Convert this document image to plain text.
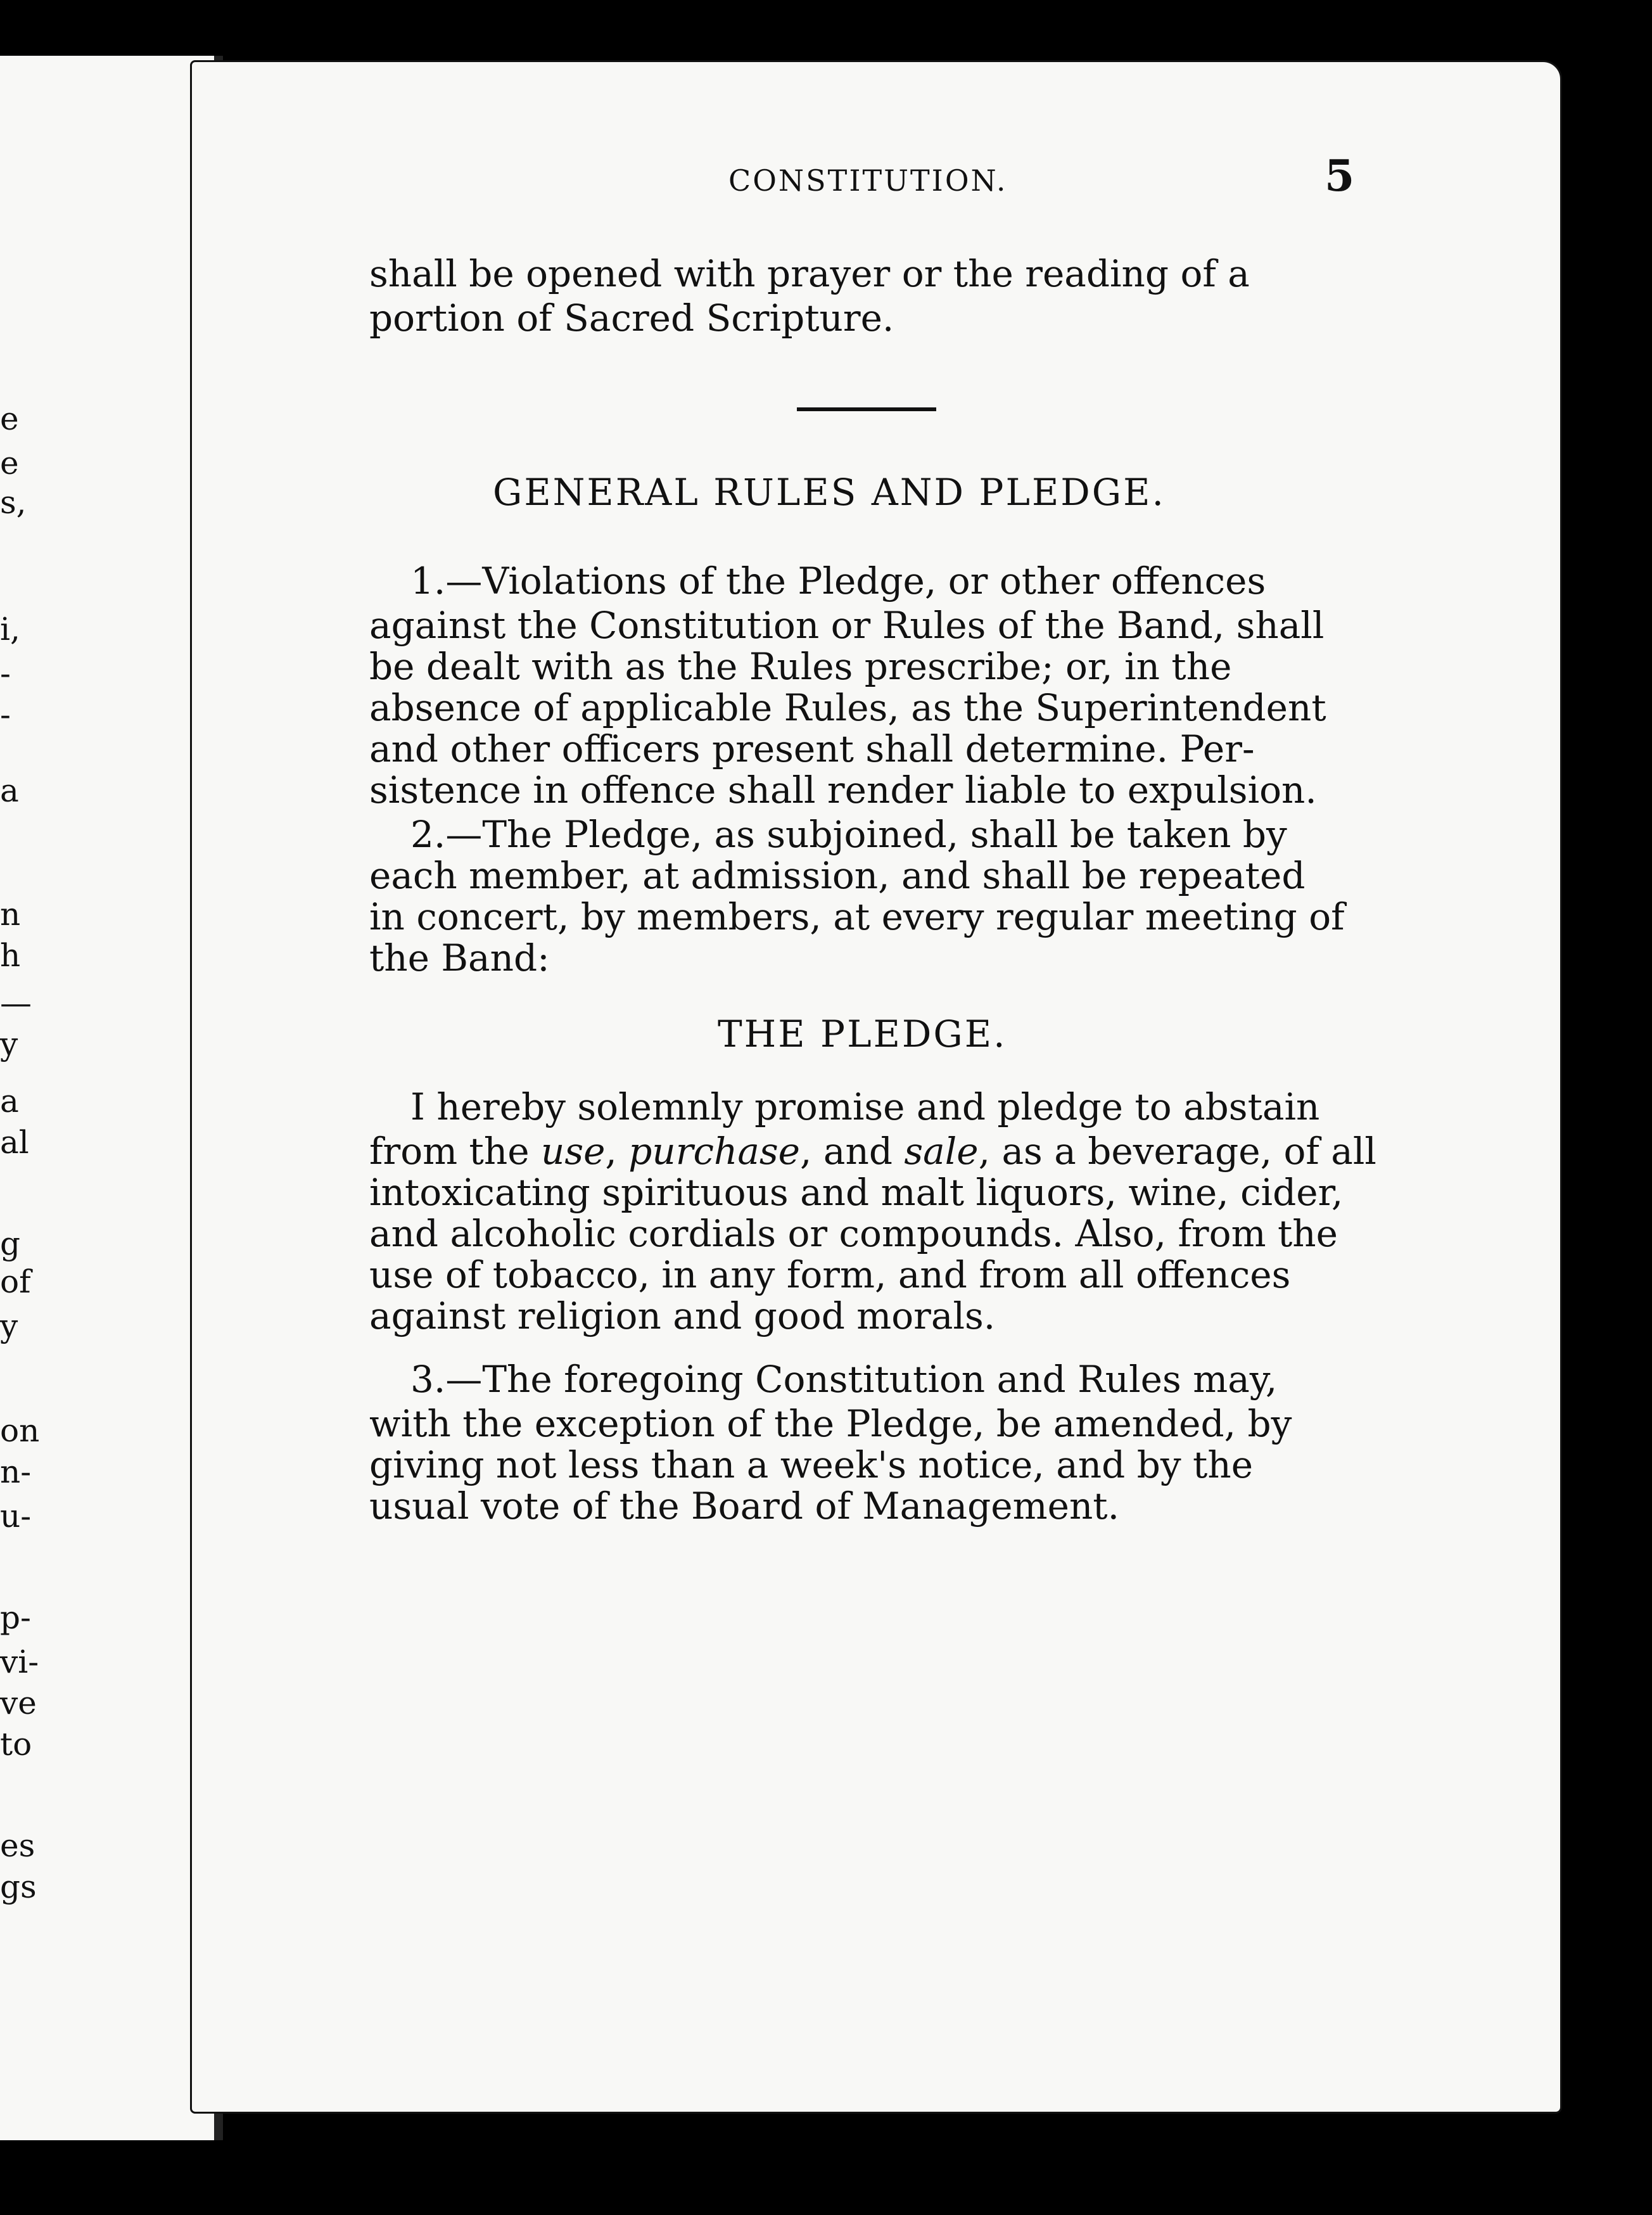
e
e
s,
i,
-
-
a
n
h
—
y
a
al
g
of
y
on
n-
u-
p-
vi-
ve
to
es
gs
CONSTITUTION.	5
shall be opened with prayer or the reading of a
portion of Sacred Scripture.
GENERAL RULES AND PLEDGE.
1.—Violations of the Pledge, or other offences
against the Constitution or Rules of the Band, shall
be dealt with as the Rules prescribe; or, in the
absence of applicable Rules, as the Superintendent
and other officers present shall determine. Per-
sistence in offence shall render liable to expulsion.
2.—The Pledge, as subjoined, shall be taken by
each member, at admission, and shall be repeated
in concert, by members, at every regular meeting of
the Band:
THE PLEDGE.
I hereby solemnly promise and pledge to abstain
from the use, purchase, and sale, as a beverage, of all
intoxicating spirituous and malt liquors, wine, cider,
and alcoholic cordials or compounds. Also, from the
use of tobacco, in any form, and from all offences
against religion and good morals.
3.—The foregoing Constitution and Rules may,
with the exception of the Pledge, be amended, by
giving not less than a week's notice, and by the
usual vote of the Board of Management.
